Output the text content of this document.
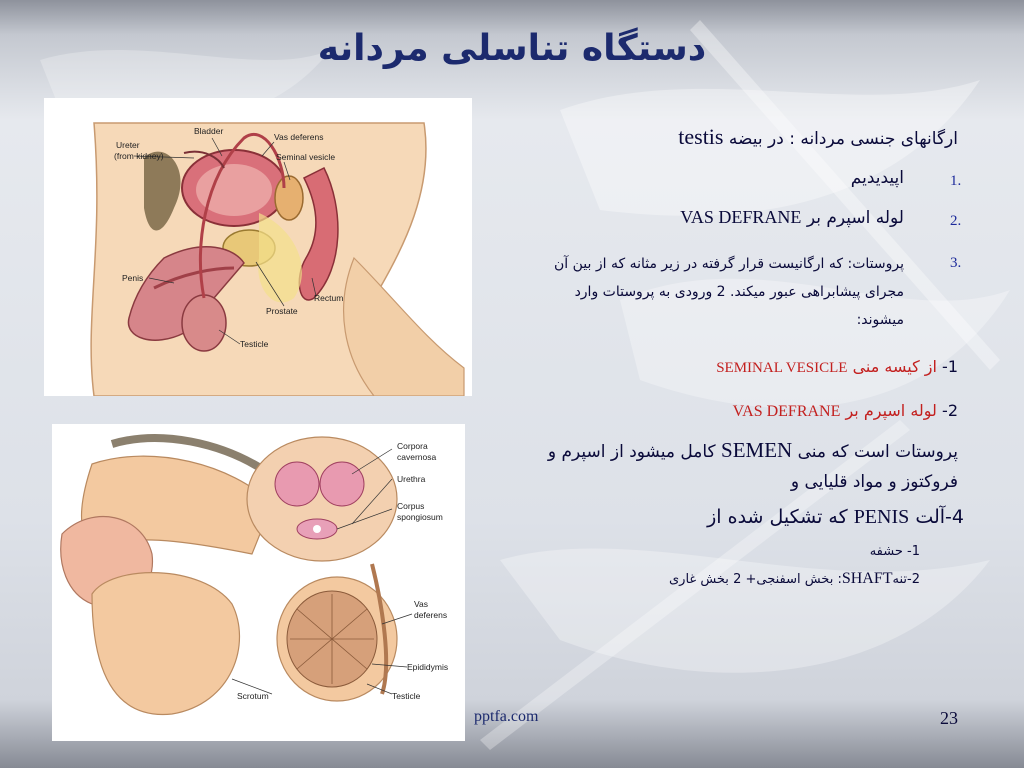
دستگاه تناسلی مردانه
Ureter
(from kidney)
Bladder
Vas deferens
Seminal vesicle
Penis
Prostate
Rectum
Testicle
Corpora
cavernosa
Urethra
Corpus
spongiosum
Vas
deferens
Epididymis
Scrotum	Testicle
ارگانهای جنسی مردانه : در بیضه testis
1.
اپیدیدیم
2.
لوله اسپرم بر VAS DEFRANE
3.
پروستات: که ارگانیست قرار گرفته در زیر مثانه که از بین آن مجرای پیشابراهی عبور میکند. 2 ورودی به پروستات وارد میشوند:
1- از کیسه منی SEMINAL VESICLE
2- لوله اسپرم بر VAS DEFRANE
پروستات است که منی SEMEN کامل میشود از اسپرم و فروکتوز و مواد قلیایی و
4-آلت PENIS که تشکیل شده از
1- حشفه
2-تنهSHAFT: بخش اسفنجی+ 2 بخش غاری
pptfa.com	23
